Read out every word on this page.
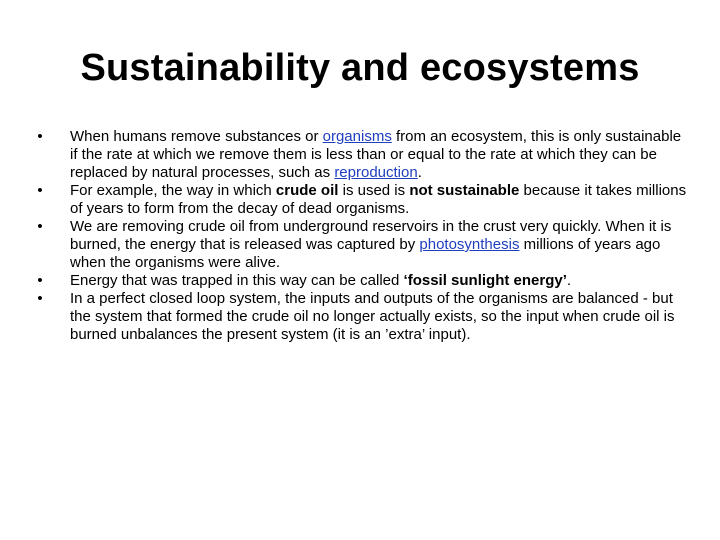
Sustainability and ecosystems
•	When humans remove substances or organisms from an ecosystem, this is only sustainable if the rate at which we remove them is less than or equal to the rate at which they can be replaced by natural processes, such as reproduction.
•	For example, the way in which crude oil is used is not sustainable because it takes millions of years to form from the decay of dead organisms.
•	We are removing crude oil from underground reservoirs in the crust very quickly. When it is burned, the energy that is released was captured by photosynthesis millions of years ago when the organisms were alive.
•	Energy that was trapped in this way can be called ‘fossil sunlight energy’.
•	In a perfect closed loop system, the inputs and outputs of the organisms are balanced - but the system that formed the crude oil no longer actually exists, so the input when crude oil is burned unbalances the present system (it is an ’extra’ input).
